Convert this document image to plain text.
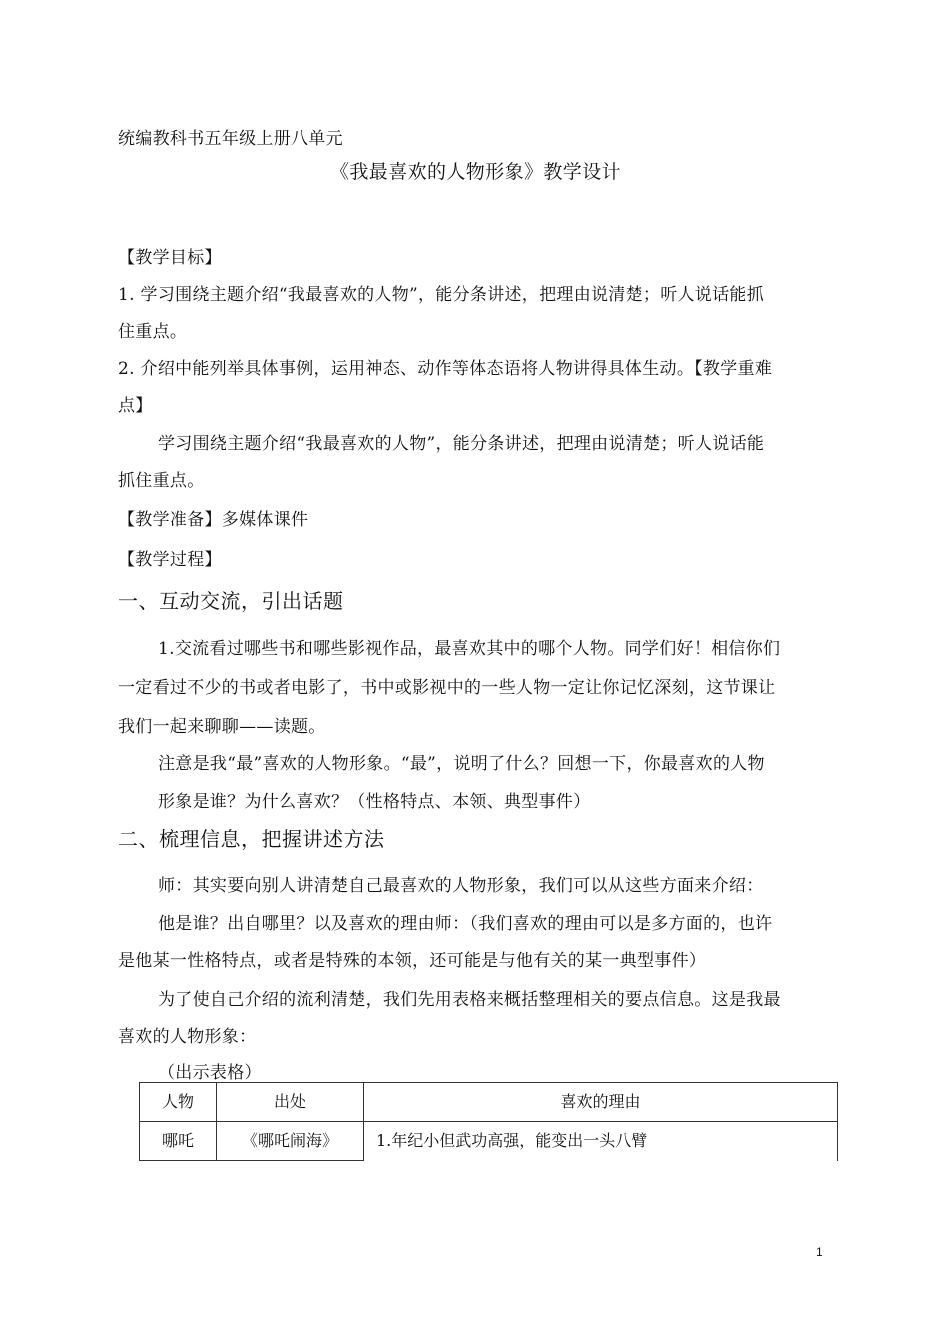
统编教科书五年级上册八单元
《我最喜欢的人物形象》教学设计
【教学目标】
1. 学习围绕主题介绍“我最喜欢的人物”，能分条讲述，把理由说清楚；听人说话能抓
住重点。
2. 介绍中能列举具体事例，运用神态、动作等体态语将人物讲得具体生动。【教学重难
点】
学习围绕主题介绍“我最喜欢的人物”，能分条讲述，把理由说清楚；听人说话能
抓住重点。
【教学准备】多媒体课件
【教学过程】
一、互动交流，引出话题
1.交流看过哪些书和哪些影视作品，最喜欢其中的哪个人物。同学们好！相信你们
一定看过不少的书或者电影了，书中或影视中的一些人物一定让你记忆深刻，这节课让
我们一起来聊聊——读题。
注意是我“最”喜欢的人物形象。“最”，说明了什么？回想一下，你最喜欢的人物
形象是谁？为什么喜欢？（性格特点、本领、典型事件）
二、梳理信息，把握讲述方法
师：其实要向别人讲清楚自己最喜欢的人物形象，我们可以从这些方面来介绍：
他是谁？出自哪里？以及喜欢的理由师：（我们喜欢的理由可以是多方面的，也许
是他某一性格特点，或者是特殊的本领，还可能是与他有关的某一典型事件）
为了使自己介绍的流利清楚，我们先用表格来概括整理相关的要点信息。这是我最
喜欢的人物形象：
（出示表格）
人物	出处	喜欢的理由

哪吒	《哪吒闹海》	1.年纪小但武功高强，能变出一头八臂
1
